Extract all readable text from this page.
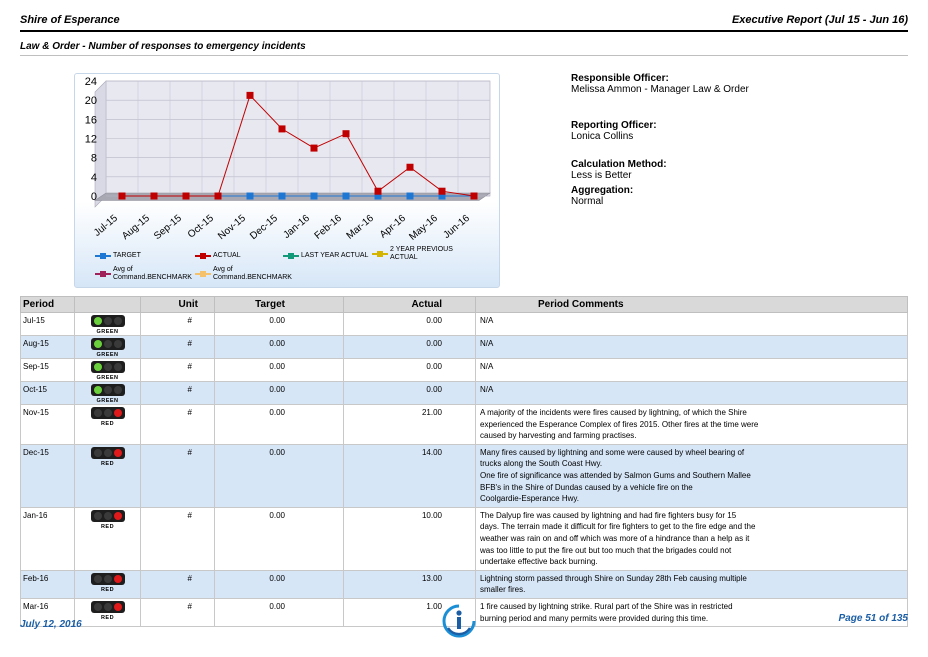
Shire of Esperance	Executive Report (Jul 15 - Jun 16)
Law & Order - Number of responses to emergency incidents
0
4
8
12
16
20
24
Jul-15 Aug-15 Sep-15 Oct-15 Nov-15 Dec-15 Jan-16 Feb-16 Mar-16 Apr-16 May-16 Jun-16
TARGET	ACTUAL	LAST YEAR ACTUAL
2 YEAR PREVIOUS ACTUAL
Avg of Command.BENCHMARK
Avg of Command.BENCHMARK
Responsible Officer:
Melissa Ammon - Manager Law & Order
Reporting Officer:
Lonica Collins
Calculation Method:
Less is Better
Aggregation:
Normal
Period		Unit	Target	Actual	Period Comments
Jul-15	GREEN	#	0.00	0.00	N/A

Aug-15	GREEN	#	0.00	0.00	N/A

Sep-15	GREEN	#	0.00	0.00	N/A

Oct-15	GREEN	#	0.00	0.00	N/A

Nov-15	RED	#	0.00	21.00	A majority of the incidents were fires caused by lightning, of which the Shire
experienced the Esperance Complex of fires 2015. Other fires at the time were
caused by harvesting and farming practises.

Dec-15	RED	#	0.00	14.00	Many fires caused by lightning and some were caused by wheel bearing of
trucks along the South Coast Hwy.
One fire of significance was attended by Salmon Gums and Southern Mallee
BFB's in the Shire of Dundas caused by a vehicle fire on the
Coolgardie-Esperance Hwy.

Jan-16	RED	#	0.00	10.00	The Dalyup fire was caused by lightning and had fire fighters busy for 15
days. The terrain made it difficult for fire fighters to get to the fire edge and the
weather was rain on and off which was more of a hindrance than a help as it
was too little to put the fire out but too much that the brigades could not
undertake effective back burning.

Feb-16	RED	#	0.00	13.00	Lightning storm passed through Shire on Sunday 28th Feb causing multiple
smaller fires.

Mar-16	RED	#	0.00	1.00	1 fire caused by lightning strike. Rural part of the Shire was in restricted
burning period and many permits were provided during this time.
July 12, 2016
Page 51 of 135
